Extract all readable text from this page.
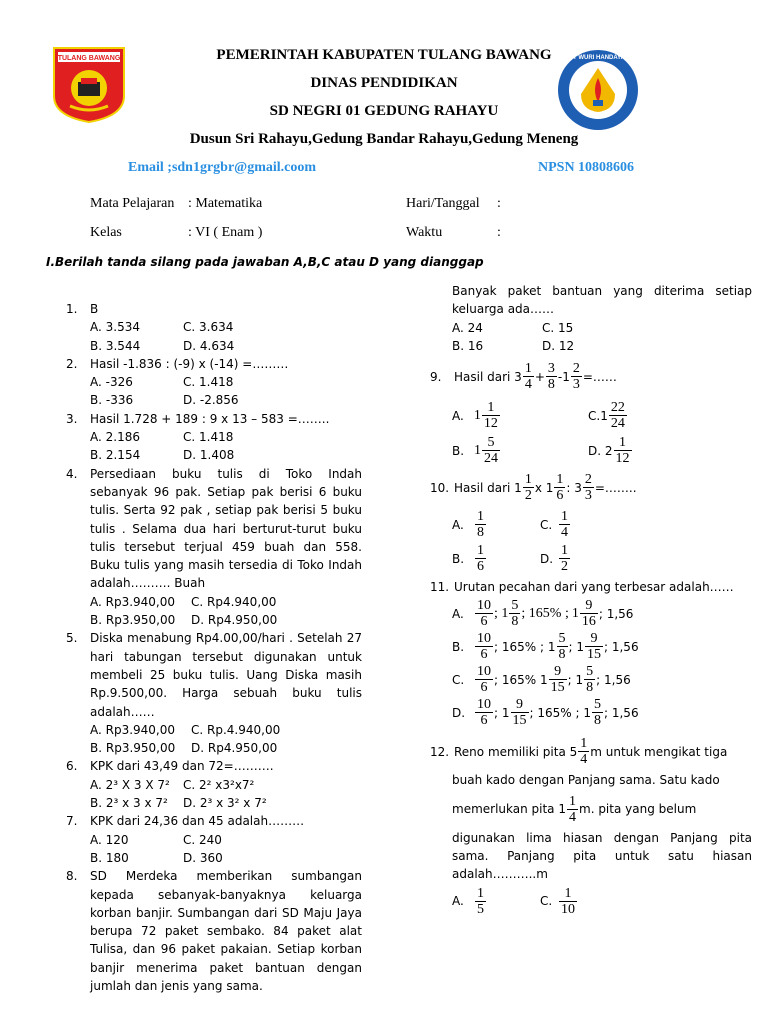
TULANG BAWANG	TUT WURI HANDAYANI
PEMERINTAH KABUPATEN TULANG BAWANG
DINAS PENDIDIKAN
SD NEGRI 01 GEDUNG RAHAYU
Dusun Sri Rahayu,Gedung Bandar Rahayu,Gedung Meneng
Email ;sdn1grgbr@gmail.coom	NPSN 10808606
Mata Pelajaran : Matematika	Hari/Tanggal :
Kelas	: VI ( Enam )	Waktu	:
I.Berilah tanda silang pada jawaban A,B,C atau D yang dianggap
1.	B
A. 3.534	C. 3.634
B. 3.544	D. 4.634
2.	Hasil -1.836 : (-9) x (-14) =………
A. -326	C. 1.418
B. -336	D. -2.856
3.	Hasil 1.728 + 189 : 9 x 13 – 583 =……..
A. 2.186	C. 1.418
B. 2.154	D. 1.408
4.	Persediaan buku tulis di Toko Indah sebanyak 96 pak. Setiap pak berisi 6 buku tulis. Serta 92 pak , setiap pak berisi 5 buku tulis . Selama dua hari berturut-turut buku tulis tersebut terjual 459 buah dan 558. Buku tulis yang masih tersedia di Toko Indah adalah………. Buah
A. Rp3.940,00	C. Rp4.940,00
B. Rp3.950,00	D. Rp4.950,00
5.	Diska menabung Rp4.00,00/hari . Setelah 27 hari tabungan tersebut digunakan untuk membeli 25 buku tulis. Uang Diska masih Rp.9.500,00. Harga sebuah buku tulis adalah……
A. Rp3.940,00	C. Rp.4.940,00
B. Rp3.950,00	D. Rp4.950,00
6.	KPK dari 43,49 dan 72=……….
A. 2³ X 3 X 7²	C. 2² x3²x7²
B. 2³ x 3 x 7²	D. 2³ x 3² x 7²
7.	KPK dari 24,36 dan 45 adalah………
A. 120	C. 240
B. 180	D. 360
8.	SD Merdeka memberikan sumbangan kepada sebanyak-banyaknya keluarga korban banjir. Sumbangan dari SD Maju Jaya berupa 72 paket sembako. 84 paket alat Tulisa, dan 96 paket pakaian. Setiap korban banjir menerima paket bantuan dengan jumlah dan jenis yang sama.
Banyak paket bantuan yang diterima setiap keluarga ada……
A. 24	C. 15
B. 16	D. 12
9.	Hasil dari $3 \frac{1}{4} + \frac{3}{8} -1 \frac{2}{3}$ =……
A. $1 \frac{1}{12}$	$C.1 \frac{22}{24}$
B. $1 \frac{5}{24}$	D. $2 \frac{1}{12}$
10. Hasil dari $1 \frac{1}{2}$ x $1 \frac{1}{6}$ : $3 \frac{2}{3}$ =……..
A. $\frac{1}{8}$	C. $\frac{1}{4}$
B. $\frac{1}{6}$	D. $\frac{1}{2}$
11. Urutan pecahan dari yang terbesar adalah……
A. $\frac{10}{6}$ ; $1 \frac{5}{8}$ ; 165% ; $1 \frac{9}{16}$ ; 1,56
B. $\frac{10}{6}$ ; 165%
; $1 \frac{5}{8}$ ; $1 \frac{9}{15}$ ; 1,56
C. $\frac{10}{6}$ ; 165%
$1 \frac{9}{15}$ ; $1 \frac{5}{8}$ ; 1,56
D. $\frac{10}{6}$ ; $1 \frac{9}{15}$ ; 165%
; $1 \frac{5}{8}$ ; 1,56
12. Reno memiliki pita $5 \frac{1}{4}$ m untuk mengikat tiga
buah kado dengan Panjang sama. Satu kado
memerlukan pita $1 \frac{1}{4} m$. pita yang belum
digunakan lima hiasan dengan Panjang pita sama. Panjang pita untuk satu hiasan adalah………..m
A. $\frac{1}{5}$	C. $\frac{1}{10}$
